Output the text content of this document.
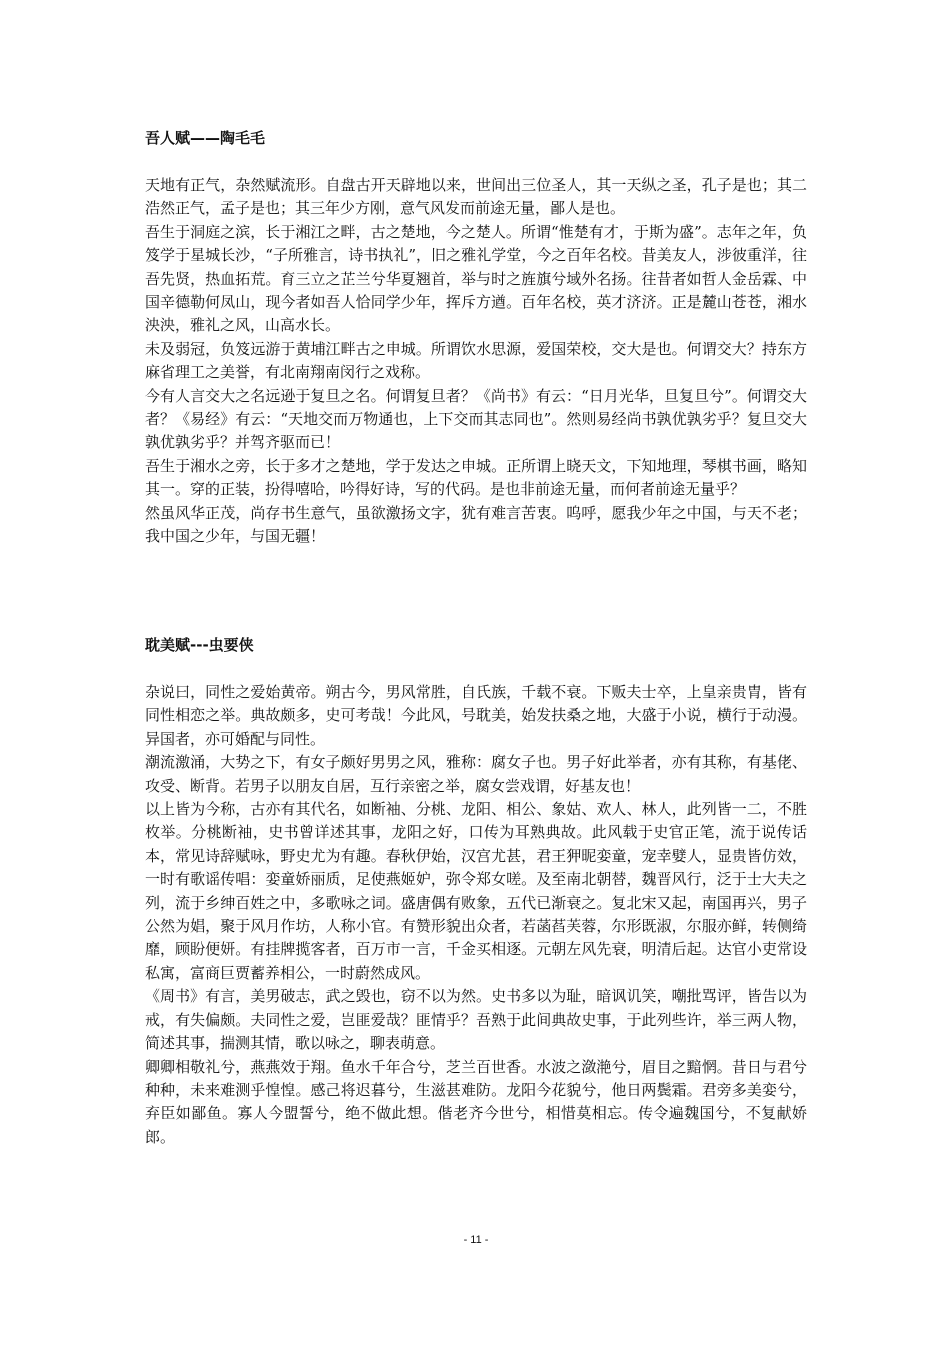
吾人赋——陶毛毛

天地有正气，杂然赋流形。自盘古开天辟地以来，世间出三位圣人，其一天纵之圣，孔子是也；其二浩然正气，孟子是也；其三年少方刚，意气风发而前途无量，鄙人是也。

吾生于洞庭之滨，长于湘江之畔，古之楚地，今之楚人。所谓“惟楚有才，于斯为盛”。志年之年，负笈学于星城长沙，“子所雅言，诗书执礼”，旧之雅礼学堂，今之百年名校。昔美友人，涉彼重洋，往吾先贤，热血拓荒。育三立之芷兰兮华夏翘首，举与时之旌旗兮域外名扬。往昔者如哲人金岳霖、中国辛德勒何凤山，现今者如吾人恰同学少年，挥斥方遒。百年名校，英才济济。正是麓山苍苍，湘水泱泱，雅礼之风，山高水长。

未及弱冠，负笈远游于黄埔江畔古之申城。所谓饮水思源，爱国荣校，交大是也。何谓交大？持东方麻省理工之美誉，有北南翔南闵行之戏称。

今有人言交大之名远逊于复旦之名。何谓复旦者？《尚书》有云：“日月光华，旦复旦兮”。何谓交大者？《易经》有云：“天地交而万物通也，上下交而其志同也”。然则易经尚书孰优孰劣乎？复旦交大孰优孰劣乎？并驾齐驱而已！

吾生于湘水之旁，长于多才之楚地，学于发达之申城。正所谓上晓天文，下知地理，琴棋书画，略知其一。穿的正装，扮得嘻哈，吟得好诗，写的代码。是也非前途无量，而何者前途无量乎？

然虽风华正茂，尚存书生意气，虽欲激扬文字，犹有难言苦衷。呜呼，愿我少年之中国，与天不老；我中国之少年，与国无疆！

耽美赋---虫要侠

杂说曰，同性之爱始黄帝。朔古今，男风常胜，自氏族，千载不衰。下贩夫士卒，上皇亲贵胄，皆有同性相恋之举。典故颇多，史可考哉！今此风，号耽美，始发扶桑之地，大盛于小说，横行于动漫。异国者，亦可婚配与同性。

潮流激涌，大势之下，有女子颇好男男之风，雅称：腐女子也。男子好此举者，亦有其称，有基佬、攻受、断背。若男子以朋友自居，互行亲密之举，腐女尝戏谓，好基友也！

以上皆为今称，古亦有其代名，如断袖、分桃、龙阳、相公、象姑、欢人、林人，此列皆一二，不胜枚举。分桃断袖，史书曾详述其事，龙阳之好，口传为耳熟典故。此风载于史官正笔，流于说传话本，常见诗辞赋咏，野史尤为有趣。春秋伊始，汉宫尤甚，君王狎昵娈童，宠幸嬖人，显贵皆仿效，一时有歌谣传唱：娈童娇丽质，足使燕姬妒，弥令郑女嗟。及至南北朝替，魏晋风行，泛于士大夫之列，流于乡绅百姓之中，多歌咏之词。盛唐偶有败象，五代已渐衰之。复北宋又起，南国再兴，男子公然为娼，聚于风月作坊，人称小官。有赞形貌出众者，若菡萏芙蓉，尔形既淑，尔服亦鲜，转侧绮靡，顾盼便妍。有挂牌揽客者，百万市一言，千金买相逐。元朝左风先衰，明清后起。达官小吏常设私寓，富商巨贾蓄养相公，一时蔚然成风。

《周书》有言，美男破志，武之毁也，窃不以为然。史书多以为耻，暗讽讥笑，嘲批骂评，皆告以为戒，有失偏颇。夫同性之爱，岂匪爱哉？匪情乎？吾熟于此间典故史事，于此列些许，举三两人物，简述其事，揣测其情，歌以咏之，聊表萌意。

卿卿相敬礼兮，燕燕效于翔。鱼水千年合兮，芝兰百世香。水波之潋滟兮，眉目之黯惘。昔日与君兮种种，未来难测乎惶惶。感己将迟暮兮，生滋甚难防。龙阳今花貌兮，他日两鬓霜。君旁多美娈兮，弃臣如鄙鱼。寡人今盟誓兮，绝不做此想。偕老齐今世兮，相惜莫相忘。传令遍魏国兮，不复献娇郎。

- 11 -
